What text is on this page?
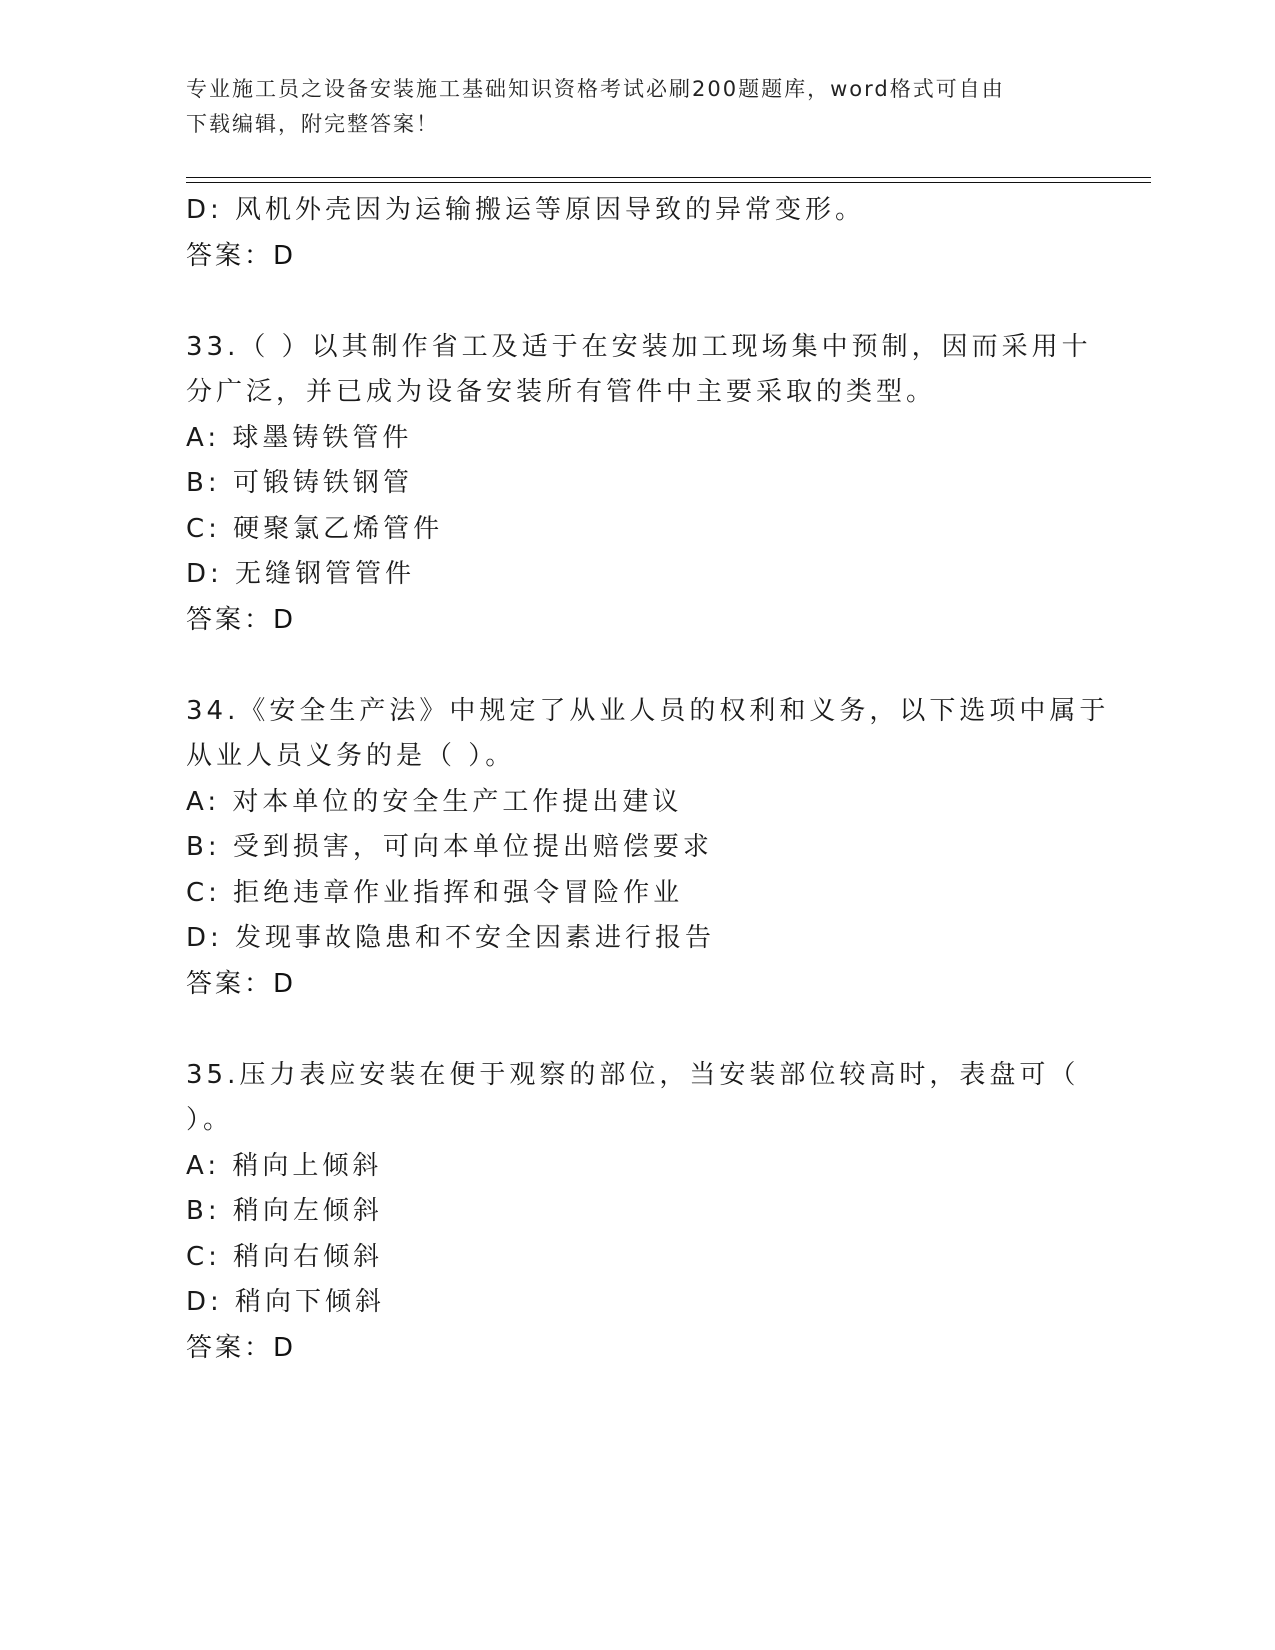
专业施工员之设备安装施工基础知识资格考试必刷200题题库，word格式可自由
下载编辑，附完整答案！
D: 风机外壳因为运输搬运等原因导致的异常变形。
答案：D
33.（ ）以其制作省工及适于在安装加工现场集中预制，因而采用十
分广泛，并已成为设备安装所有管件中主要采取的类型。
A: 球墨铸铁管件
B: 可锻铸铁钢管
C: 硬聚氯乙烯管件
D: 无缝钢管管件
答案：D
34.《安全生产法》中规定了从业人员的权利和义务，以下选项中属于
从业人员义务的是（ ）。
A: 对本单位的安全生产工作提出建议
B: 受到损害，可向本单位提出赔偿要求
C: 拒绝违章作业指挥和强令冒险作业
D: 发现事故隐患和不安全因素进行报告
答案：D
35.压力表应安装在便于观察的部位，当安装部位较高时，表盘可（
）。
A: 稍向上倾斜
B: 稍向左倾斜
C: 稍向右倾斜
D: 稍向下倾斜
答案：D
